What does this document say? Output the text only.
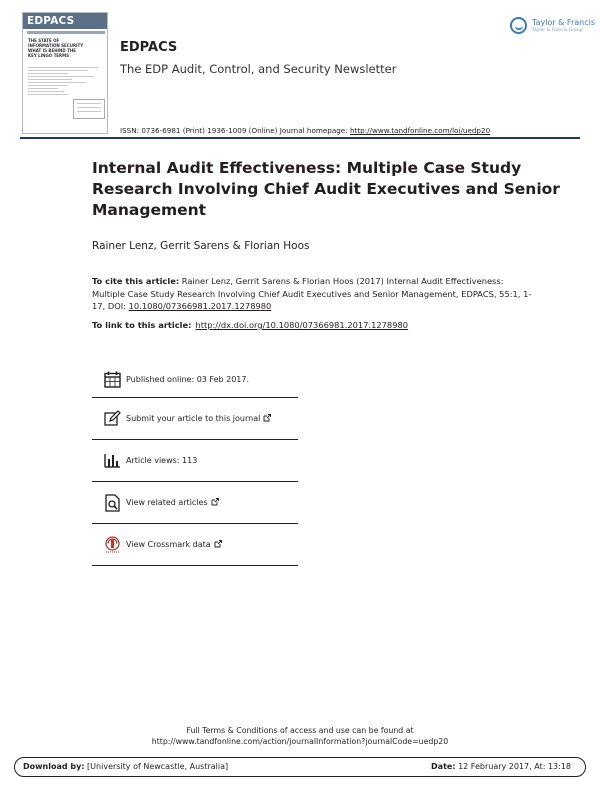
EDPACS
THE STATE OF
INFORMATION SECURITY
WHAT IS BEHIND THE
KEY LINGO TERMS
Taylor & Francis
Taylor & Francis Group
EDPACS
The EDP Audit, Control, and Security Newsletter
ISSN: 0736-6981 (Print) 1936-1009 (Online) Journal homepage: http://www.tandfonline.com/loi/uedp20
Internal Audit Effectiveness: Multiple Case Study Research Involving Chief Audit Executives and Senior Management
Rainer Lenz, Gerrit Sarens & Florian Hoos
To cite this article: Rainer Lenz, Gerrit Sarens & Florian Hoos (2017) Internal Audit Effectiveness: Multiple Case Study Research Involving Chief Audit Executives and Senior Management, EDPACS, 55:1, 1-17, DOI: 10.1080/07366981.2017.1278980
To link to this article: http://dx.doi.org/10.1080/07366981.2017.1278980
Published online: 03 Feb 2017.
Submit your article to this journal
Article views: 113
View related articles
View Crossmark data
Full Terms & Conditions of access and use can be found at
http://www.tandfonline.com/action/journalInformation?journalCode=uedp20
Download by: [University of Newcastle, Australia]	Date: 12 February 2017, At: 13:18
